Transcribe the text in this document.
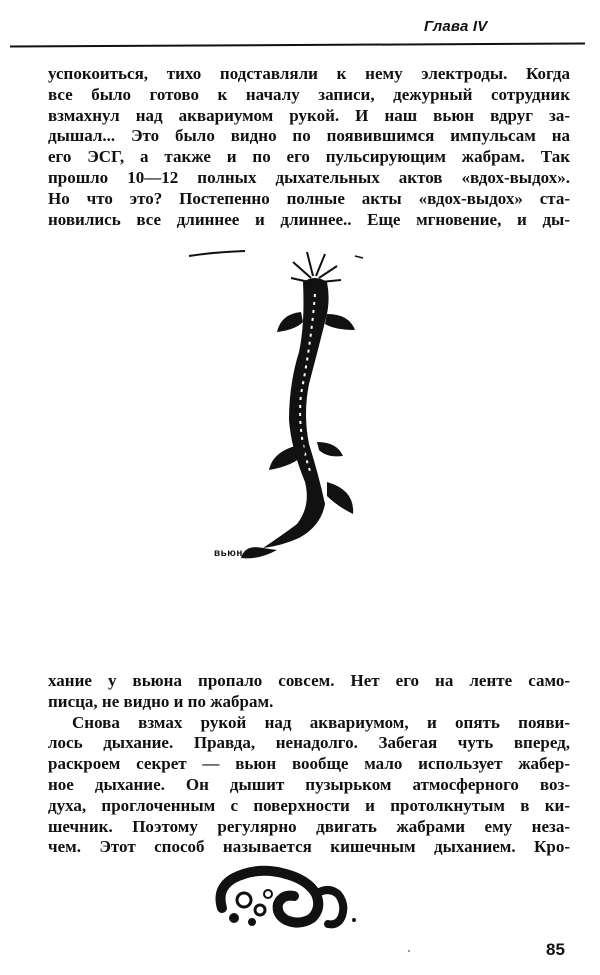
Глава IV
успокоиться, тихо подставляли к нему электроды. Когда
все было готово к началу записи, дежурный сотрудник
взмахнул над аквариумом рукой. И наш вьюн вдруг за-
дышал... Это было видно по появившимся импульсам на
его ЭСГ, а также и по его пульсирующим жабрам. Так
прошло 10—12 полных дыхательных актов «вдох-выдох».
Но что это? Постепенно полные акты «вдох-выдох» ста-
новились все длиннее и длиннее.. Еще мгновение, и ды-
вьюн
хание у вьюна пропало совсем. Нет его на ленте само-
писца, не видно и по жабрам.
Снова взмах рукой над аквариумом, и опять появи-
лось дыхание. Правда, ненадолго. Забегая чуть вперед,
раскроем секрет — вьюн вообще мало использует жабер-
ное дыхание. Он дышит пузырьком атмосферного воз-
духа, проглоченным с поверхности и протолкнутым в ки-
шечник. Поэтому регулярно двигать жабрами ему неза-
чем. Этот способ называется кишечным дыханием. Кро-
85
